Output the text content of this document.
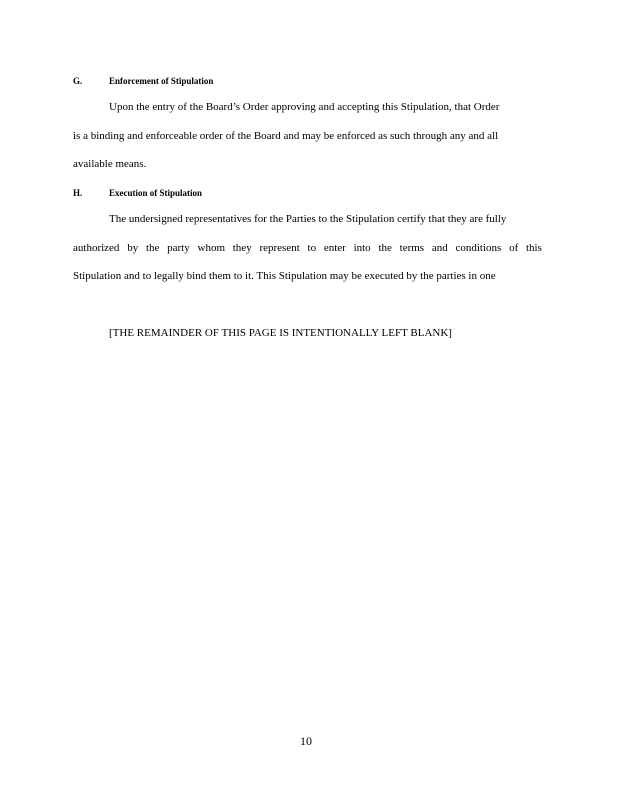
G.	Enforcement of Stipulation
Upon the entry of the Board’s Order approving and accepting this Stipulation, that Order
is a binding and enforceable order of the Board and may be enforced as such through any and all
available means.
H.	Execution of Stipulation
The undersigned representatives for the Parties to the Stipulation certify that they are fully
authorized by the party whom they represent to enter into the terms and conditions of this
Stipulation and to legally bind them to it. This Stipulation may be executed by the parties in one
[THE REMAINDER OF THIS PAGE IS INTENTIONALLY LEFT BLANK]
10
